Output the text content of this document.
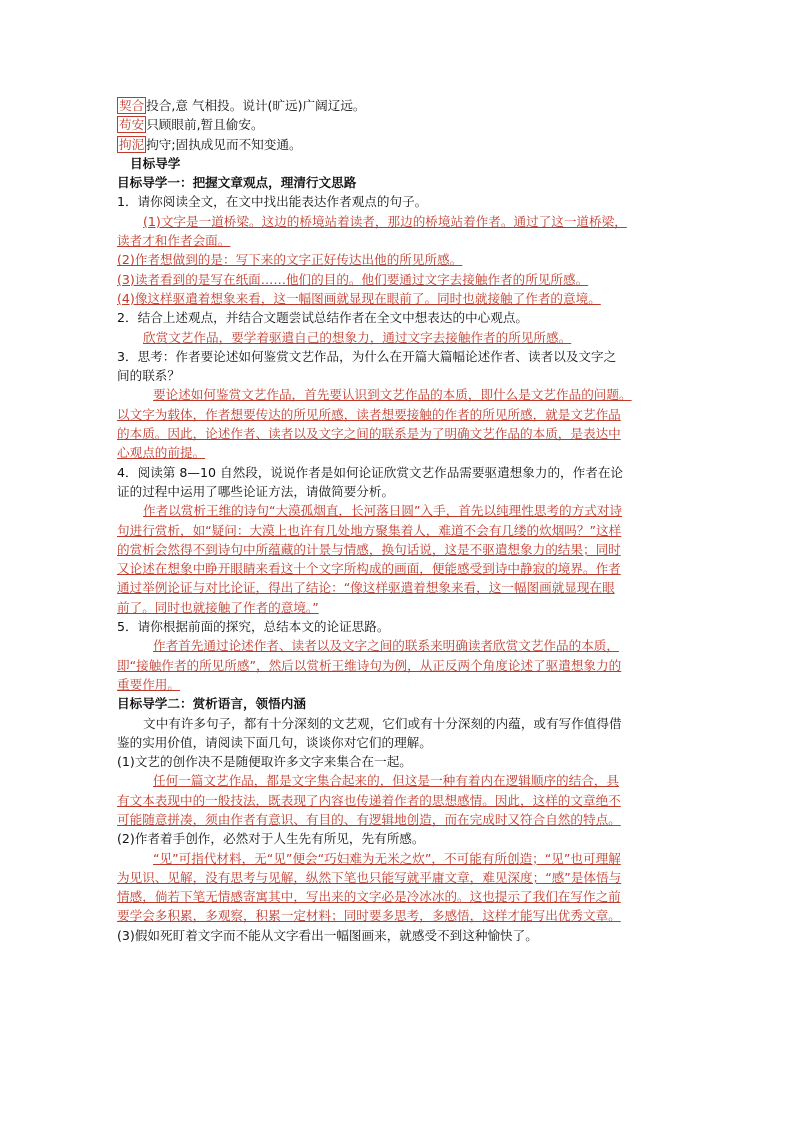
契合 投合,意 气相投。说计(旷远)广阔辽远。
苟安 只顾眼前,暂且偷安。
拘泥 拘守;固执成见而不知变通。
目标导学
目标导学一：把握文章观点，理清行文思路
1．请你阅读全文，在文中找出能表达作者观点的句子。
(1)文字是一道桥梁。这边的桥境站着读者，那边的桥境站着作者。通过了这一道桥梁，
读者才和作者会面。
(2)作者想做到的是：写下来的文字正好传达出他的所见所感。
(3)读者看到的是写在纸面……他们的目的。他们要通过文字去接触作者的所见所感。
(4)像这样驱遣着想象来看，这一幅图画就显现在眼前了。同时也就接触了作者的意境。
2．结合上述观点，并结合文题尝试总结作者在全文中想表达的中心观点。
欣赏文艺作品，要学着驱遣自己的想象力，通过文字去接触作者的所见所感。
3．思考：作者要论述如何鉴赏文艺作品，为什么在开篇大篇幅论述作者、读者以及文字之
间的联系？
要论述如何鉴赏文艺作品，首先要认识到文艺作品的本质，即什么是文艺作品的问题。
以文字为载体，作者想要传达的所见所感，读者想要接触的作者的所见所感，就是文艺作品
的本质。因此，论述作者、读者以及文字之间的联系是为了明确文艺作品的本质，是表达中
心观点的前提。
4．阅读第 8—10 自然段，说说作者是如何论证欣赏文艺作品需要驱遣想象力的，作者在论
证的过程中运用了哪些论证方法，请做简要分析。
作者以赏析王维的诗句“大漠孤烟直，长河落日圆”入手，首先以纯理性思考的方式对诗
句进行赏析，如“疑问：大漠上也许有几处地方聚集着人，难道不会有几缕的炊烟吗？”这样
的赏析会然得不到诗句中所蕴藏的计景与情感，换句话说，这是不驱遣想象力的结果；同时
又论述在想象中睁开眼睛来看这十个文字所构成的画面，便能感受到诗中静寂的境界。作者
通过举例论证与对比论证，得出了结论：“像这样驱遣着想象来看，这一幅图画就显现在眼
前了。同时也就接触了作者的意境。”
5．请你根据前面的探究，总结本文的论证思路。
作者首先通过论述作者、读者以及文字之间的联系来明确读者欣赏文艺作品的本质，
即“接触作者的所见所感”，然后以赏析王维诗句为例，从正反两个角度论述了驱遣想象力的
重要作用。
目标导学二：赏析语言，领悟内涵
文中有许多句子，都有十分深刻的文艺观，它们或有十分深刻的内蕴，或有写作值得借
鉴的实用价值，请阅读下面几句，谈谈你对它们的理解。
(1)文艺的创作决不是随便取许多文字来集合在一起。
任何一篇文艺作品，都是文字集合起来的，但这是一种有着内在逻辑顺序的结合，具
有文本表现中的一般技法，既表现了内容也传递着作者的思想感情。因此，这样的文章绝不
可能随意拼凑，须由作者有意识、有目的、有逻辑地创造，而在完成时又符合自然的特点。
(2)作者着手创作，必然对于人生先有所见，先有所感。
“见”可指代材料，无“见”便会“巧妇难为无米之炊”，不可能有所创造；“见”也可理解
为见识、见解，没有思考与见解，纵然下笔也只能写就平庸文章，难见深度；“感”是体悟与
情感，倘若下笔无情感寄寓其中，写出来的文字必是冷冰冰的。这也提示了我们在写作之前
要学会多积累，多观察，积累一定材料；同时要多思考，多感悟，这样才能写出优秀文章。
(3)假如死盯着文字而不能从文字看出一幅图画来，就感受不到这种愉快了。
